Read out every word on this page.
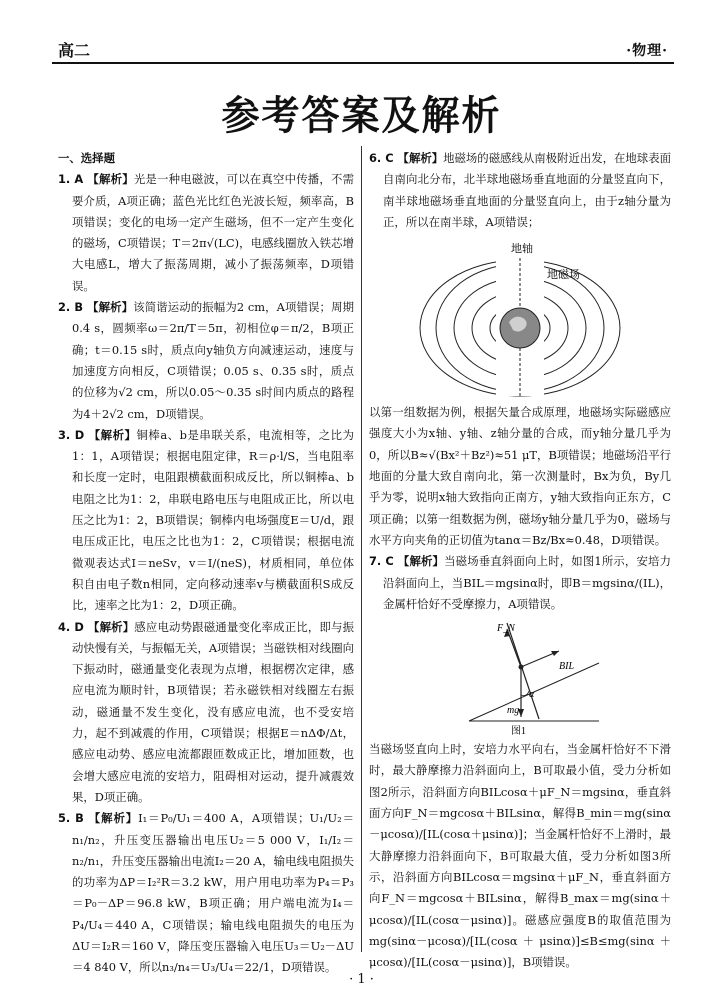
高二	·物理·
参考答案及解析
一、选择题

1. A 【解析】光是一种电磁波，可以在真空中传播，不需要介质，A项正确；蓝色光比红色光波长短，频率高，B项错误；变化的电场一定产生磁场，但不一定产生变化的磁场，C项错误；T＝2π√(LC)，电感线圈放入铁芯增大电感L，增大了振荡周期，减小了振荡频率，D项错误。

2. B 【解析】该简谐运动的振幅为2 cm，A项错误；周期0.4 s，圆频率ω＝2π/T＝5π，初相位φ＝π/2，B项正确；t＝0.15 s时，质点向y轴负方向减速运动，速度与加速度方向相反，C项错误；0.05 s、0.35 s时，质点的位移为√2 cm，所以0.05～0.35 s时间内质点的路程为4＋2√2 cm，D项错误。

3. D 【解析】铜棒a、b是串联关系，电流相等，之比为1：1，A项错误；根据电阻定律，R＝ρ·l/S，当电阻率和长度一定时，电阻跟横截面积成反比，所以铜棒a、b电阻之比为1：2，串联电路电压与电阻成正比，所以电压之比为1：2，B项错误；铜棒内电场强度E＝U/d，跟电压成正比，电压之比也为1：2，C项错误；根据电流微观表达式I＝neSv，v＝I/(neS)，材质相同，单位体积自由电子数n相同，定向移动速率v与横截面积S成反比，速率之比为1：2，D项正确。

4. D 【解析】感应电动势跟磁通量变化率成正比，即与振动快慢有关，与振幅无关，A项错误；当磁铁相对线圈向下振动时，磁通量变化表现为点增，根据楞次定律，感应电流为顺时针，B项错误；若永磁铁相对线圈左右振动，磁通量不发生变化，没有感应电流，也不受安培力，起不到减震的作用，C项错误；根据E＝nΔΦ/Δt，感应电动势、感应电流都跟匝数成正比，增加匝数，也会增大感应电流的安培力，阻碍相对运动，提升减震效果，D项正确。

5. B 【解析】I₁＝P₀/U₁＝400 A，A项错误；U₁/U₂＝n₁/n₂，升压变压器输出电压U₂＝5 000 V，I₁/I₂＝n₂/n₁，升压变压器输出电流I₂＝20 A，输电线电阻损失的功率为ΔP＝I₂²R＝3.2 kW，用户用电功率为P₄＝P₃＝P₀－ΔP＝96.8 kW，B项正确；用户端电流为I₄＝P₄/U₄＝440 A，C项错误；输电线电阻损失的电压为ΔU＝I₂R＝160 V，降压变压器输入电压U₃＝U₂－ΔU＝4 840 V，所以n₃/n₄＝U₃/U₄＝22/1，D项错误。

6. C 【解析】地磁场的磁感线从南极附近出发，在地球表面自南向北分布，北半球地磁场垂直地面的分量竖直向下，南半球地磁场垂直地面的分量竖直向上，由于z轴分量为正，所以在南半球，A项错误；

地轴
地磁场

以第一组数据为例，根据矢量合成原理，地磁场实际磁感应强度大小为x轴、y轴、z轴分量的合成，而y轴分量几乎为0，所以B≈√(Bx²＋Bz²)≈51 μT，B项错误；地磁场沿平行地面的分量大致自南向北，第一次测量时，Bx为负，By几乎为零，说明x轴大致指向正南方，y轴大致指向正东方，C项正确；以第一组数据为例，磁场y轴分量几乎为0，磁场与水平方向夹角的正切值为tanα＝Bz/Bx≈0.48，D项错误。

7. C 【解析】当磁场垂直斜面向上时，如图1所示，安培力沿斜面向上，当BIL＝mgsinα时，即B＝mgsinα/(IL)，金属杆恰好不受摩擦力，A项错误。

F_N
BIL
mg
α
图1

当磁场竖直向上时，安培力水平向右，当金属杆恰好不下滑时，最大静摩擦力沿斜面向上，B可取最小值，受力分析如图2所示，沿斜面方向BILcosα＋μF_N＝mgsinα，垂直斜面方向F_N＝mgcosα＋BILsinα，解得B_min＝mg(sinα－μcosα)/[IL(cosα＋μsinα)]；当金属杆恰好不上滑时，最大静摩擦力沿斜面向下，B可取最大值，受力分析如图3所示，沿斜面方向BILcosα＝mgsinα＋μF_N，垂直斜面方向F_N＝mgcosα＋BILsinα，解得B_max＝mg(sinα＋μcosα)/[IL(cosα－μsinα)]。磁感应强度B的取值范围为mg(sinα－μcosα)/[IL(cosα＋μsinα)]≤B≤mg(sinα＋μcosα)/[IL(cosα－μsinα)]，B项错误。

· 1 ·
